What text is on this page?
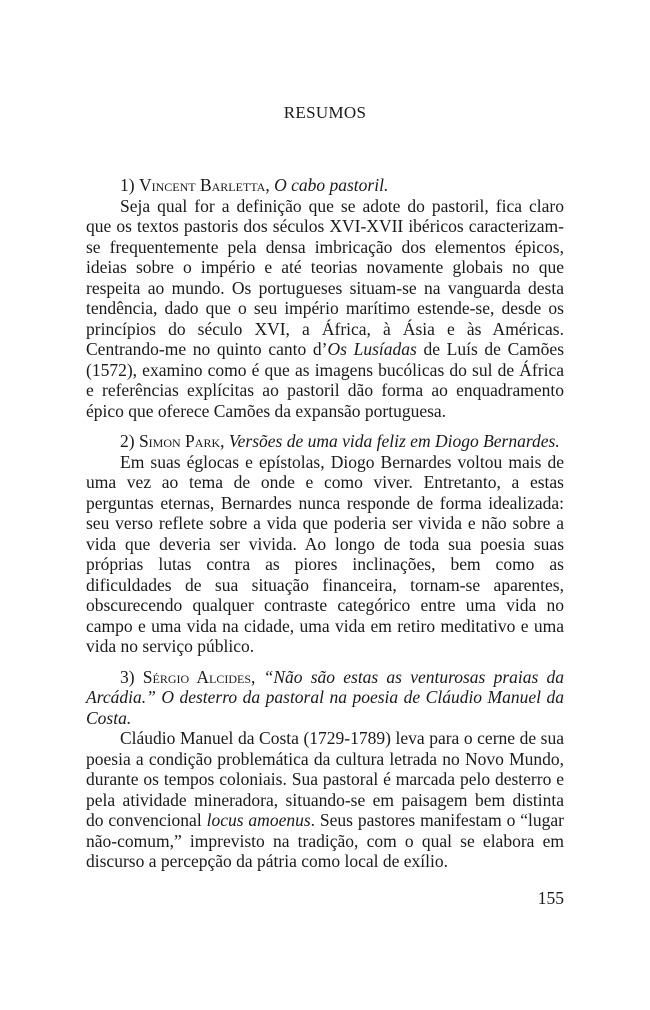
RESUMOS

1) Vincent Barletta, O cabo pastoril.

Seja qual for a definição que se adote do pastoril, fica claro que os textos pastoris dos séculos XVI-XVII ibéricos caracterizam-se frequentemente pela densa imbricação dos elementos épicos, ideias sobre o império e até teorias novamente globais no que respeita ao mundo. Os portugueses situam-se na vanguarda desta tendência, dado que o seu império marítimo estende-se, desde os princípios do século XVI, a África, à Ásia e às Américas. Centrando-me no quinto canto d’Os Lusíadas de Luís de Camões (1572), examino como é que as imagens bucólicas do sul de África e referências explícitas ao pastoril dão forma ao enquadramento épico que oferece Camões da expansão portuguesa.

2) Simon Park, Versões de uma vida feliz em Diogo Bernardes.

Em suas églocas e epístolas, Diogo Bernardes voltou mais de uma vez ao tema de onde e como viver. Entretanto, a estas perguntas eternas, Bernardes nunca responde de forma idealizada: seu verso reflete sobre a vida que poderia ser vivida e não sobre a vida que deveria ser vivida. Ao longo de toda sua poesia suas próprias lutas contra as piores inclinações, bem como as dificuldades de sua situação financeira, tornam-se aparentes, obscurecendo qualquer contraste categórico entre uma vida no campo e uma vida na cidade, uma vida em retiro meditativo e uma vida no serviço público.

3) Sérgio Alcides, “Não são estas as venturosas praias da Arcádia.” O desterro da pastoral na poesia de Cláudio Manuel da Costa.

Cláudio Manuel da Costa (1729-1789) leva para o cerne de sua poesia a condição problemática da cultura letrada no Novo Mundo, durante os tempos coloniais. Sua pastoral é marcada pelo desterro e pela atividade mineradora, situando-se em paisagem bem distinta do convencional locus amoenus. Seus pastores manifestam o “lugar não-comum,” imprevisto na tradição, com o qual se elabora em discurso a percepção da pátria como local de exílio.

155
